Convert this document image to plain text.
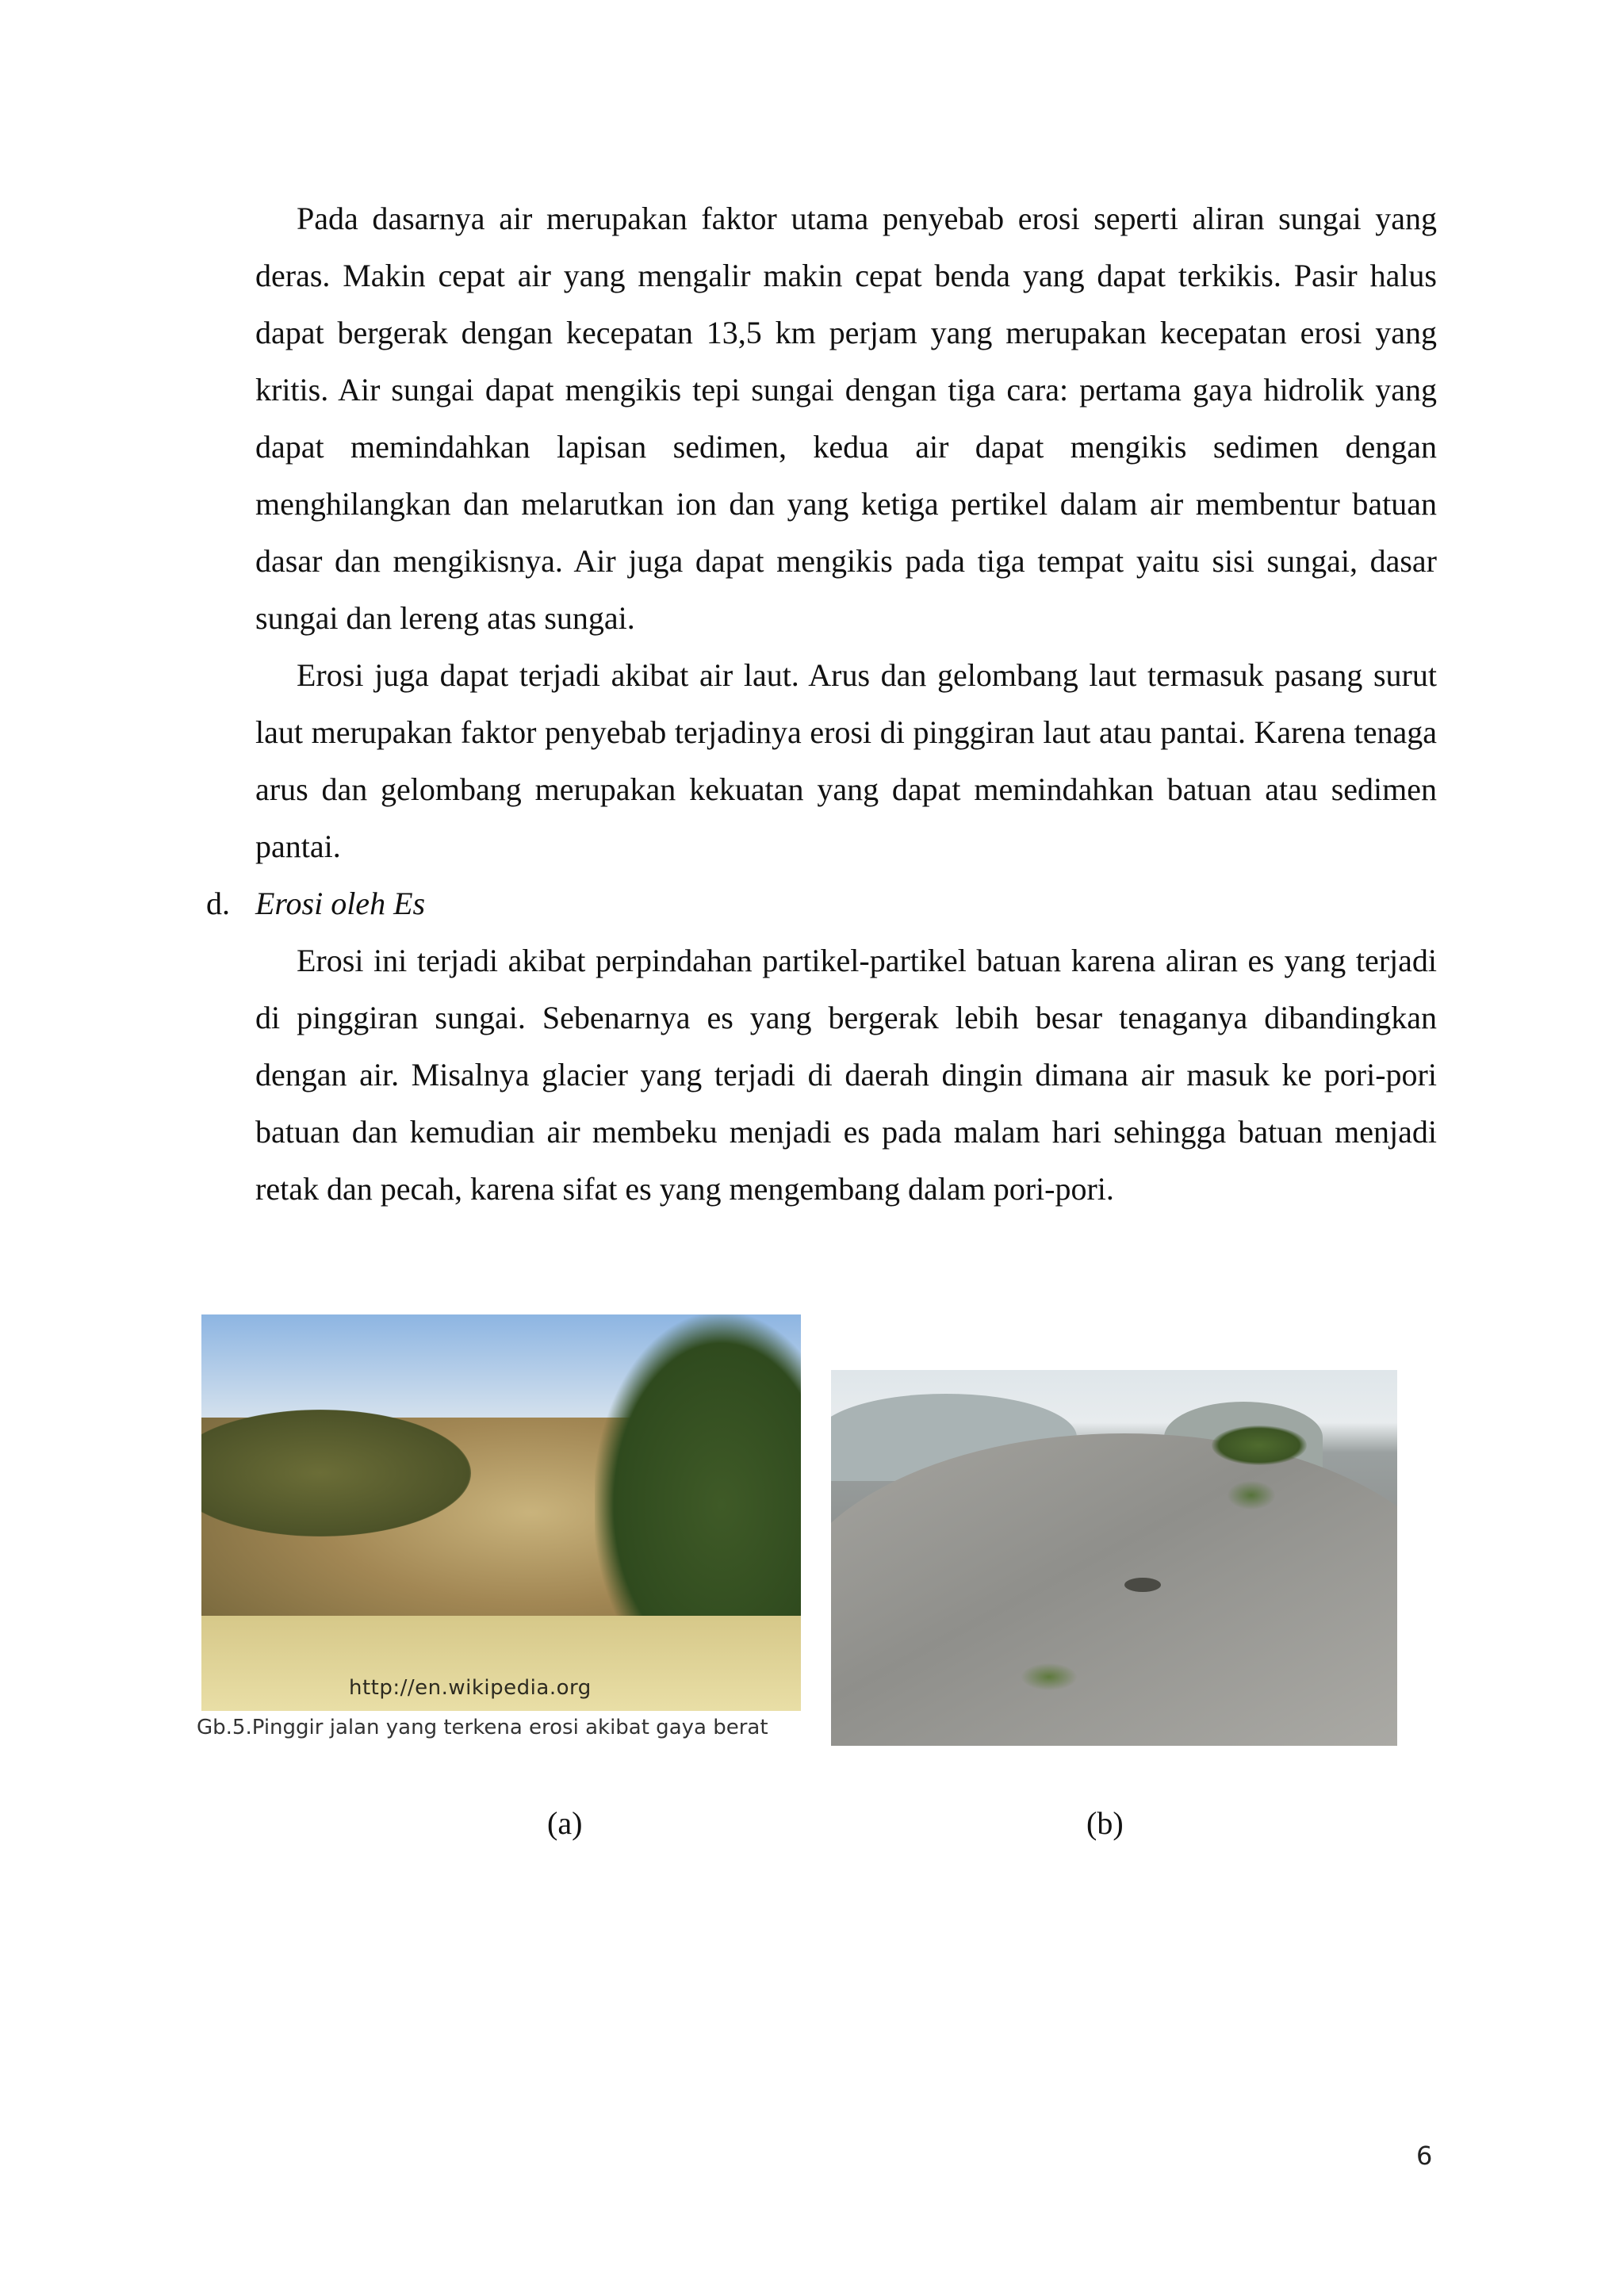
Pada dasarnya air merupakan faktor utama penyebab erosi seperti aliran sungai yang deras. Makin cepat air yang mengalir makin cepat benda yang dapat terkikis. Pasir halus dapat bergerak dengan kecepatan 13,5 km perjam yang merupakan kecepatan erosi yang kritis. Air sungai dapat mengikis tepi sungai dengan tiga cara: pertama gaya hidrolik yang dapat memindahkan lapisan sedimen, kedua air dapat mengikis sedimen dengan menghilangkan dan melarutkan ion dan yang ketiga pertikel dalam air membentur batuan dasar dan mengikisnya. Air juga dapat mengikis pada tiga tempat yaitu sisi sungai, dasar sungai dan lereng atas sungai.

Erosi juga dapat terjadi akibat air laut. Arus dan gelombang laut termasuk pasang surut laut merupakan faktor penyebab terjadinya erosi di pinggiran laut atau pantai. Karena tenaga arus dan gelombang merupakan kekuatan yang dapat memindahkan batuan atau sedimen pantai.

d. Erosi oleh Es

Erosi ini terjadi akibat perpindahan partikel-partikel batuan karena aliran es yang terjadi di pinggiran sungai. Sebenarnya es yang bergerak lebih besar tenaganya dibandingkan dengan air. Misalnya glacier yang terjadi di daerah dingin dimana air masuk ke pori-pori batuan dan kemudian air membeku menjadi es pada malam hari sehingga batuan menjadi retak dan pecah, karena sifat es yang mengembang dalam pori-pori.

http://en.wikipedia.org
Gb.5.Pinggir jalan yang terkena erosi akibat gaya berat
(a)	(b)
6
